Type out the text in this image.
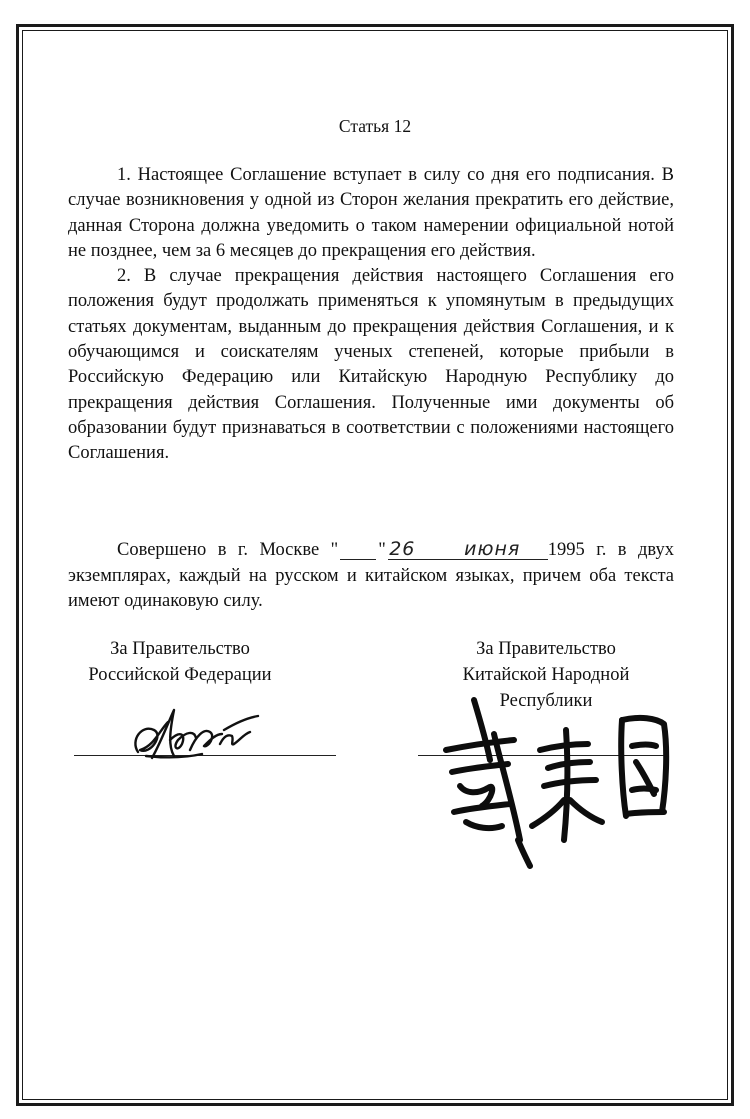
Статья 12

1. Настоящее Соглашение вступает в силу со дня его подписания. В случае возникновения у одной из Сторон желания прекратить его действие, данная Сторона должна уведомить о таком намерении официальной нотой не позднее, чем за 6 месяцев до прекращения его действия.

2. В случае прекращения действия настоящего Соглашения его положения будут продолжать применяться к упомянутым в предыдущих статьях документам, выданным до прекращения действия Соглашения, и к обучающимся и соискателям ученых степеней, которые прибыли в Российскую Федерацию или Китайскую Народную Республику до прекращения действия Соглашения. Полученные ими документы об образовании будут признаваться в соответствии с положениями настоящего Соглашения.

Совершено в г. Москве "	26"	июня 1995 г. в двух экземплярах, каждый на русском и китайском языках, причем оба текста имеют одинаковую силу.

За Правительство
Российской Федерации
За Правительство
Китайской Народной
Республики
